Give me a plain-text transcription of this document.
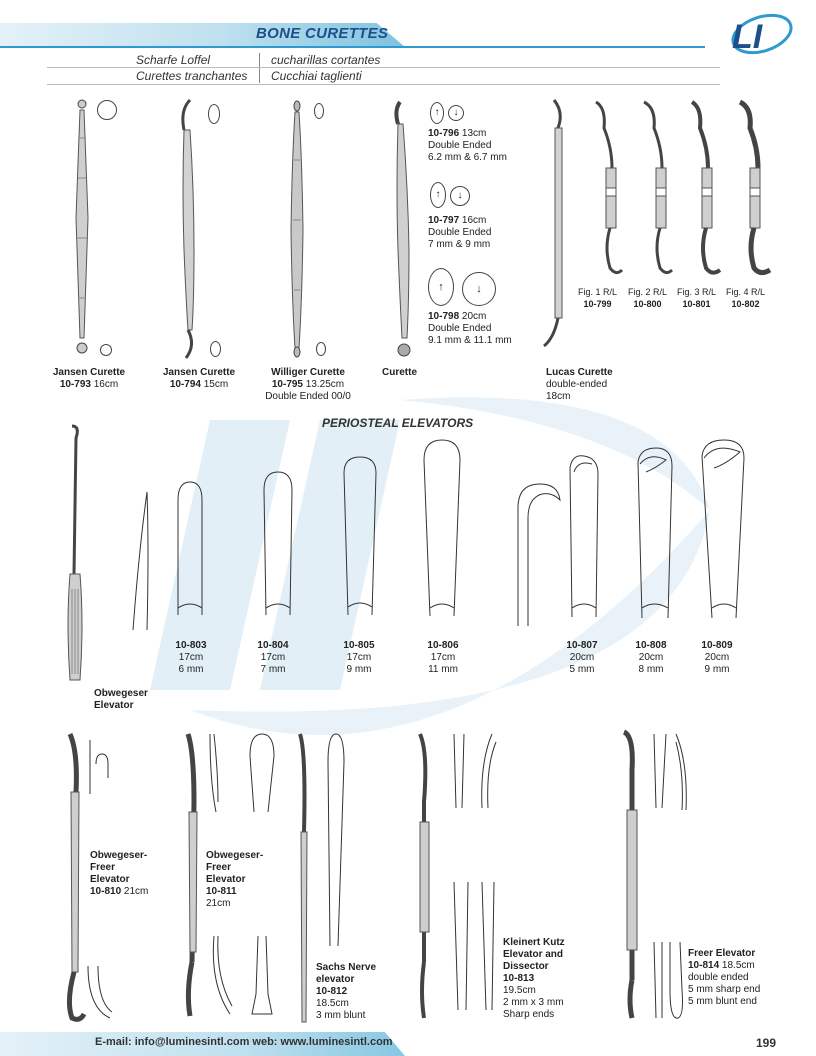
BONE CURETTES
Scharfe Loffel	cucharillas cortantes
Curettes tranchantes Cucchiai taglienti
LI
↑	↓
10-796 13cm
Double Ended
6.2 mm & 6.7 mm
↑	↓
10-797 16cm
Double Ended
7 mm & 9 mm
↑	↓
10-798 20cm
Double Ended
9.1 mm & 11.1 mm
Fig. 1 R/L
10-799
Fig. 2 R/L
10-800
Fig. 3 R/L
10-801
Fig. 4 R/L
10-802
Jansen Curette
10-793 16cm
Jansen Curette
10-794 15cm
Williger Curette
10-795 13.25cm
Double Ended 00/0
Curette	Lucas Curette
double-ended
18cm
PERIOSTEAL ELEVATORS
Obwegeser
Elevator
10-803
17cm
6 mm
10-804
17cm
7 mm
10-805
17cm
9 mm
10-806
17cm
11 mm
10-807
20cm
5 mm
10-808
20cm
8 mm
10-809
20cm
9 mm
Obwegeser-
Freer
Elevator
10-810 21cm
Obwegeser-
Freer
Elevator
10-811
21cm
Sachs Nerve
elevator
10-812
18.5cm
3 mm blunt
Kleinert Kutz
Elevator and
Dissector
10-813
19.5cm
2 mm x 3 mm
Sharp ends
Freer Elevator
10-814 18.5cm
double ended
5 mm sharp end
5 mm blunt end
E-mail: info@luminesintl.com web: www.luminesintl.com	199
